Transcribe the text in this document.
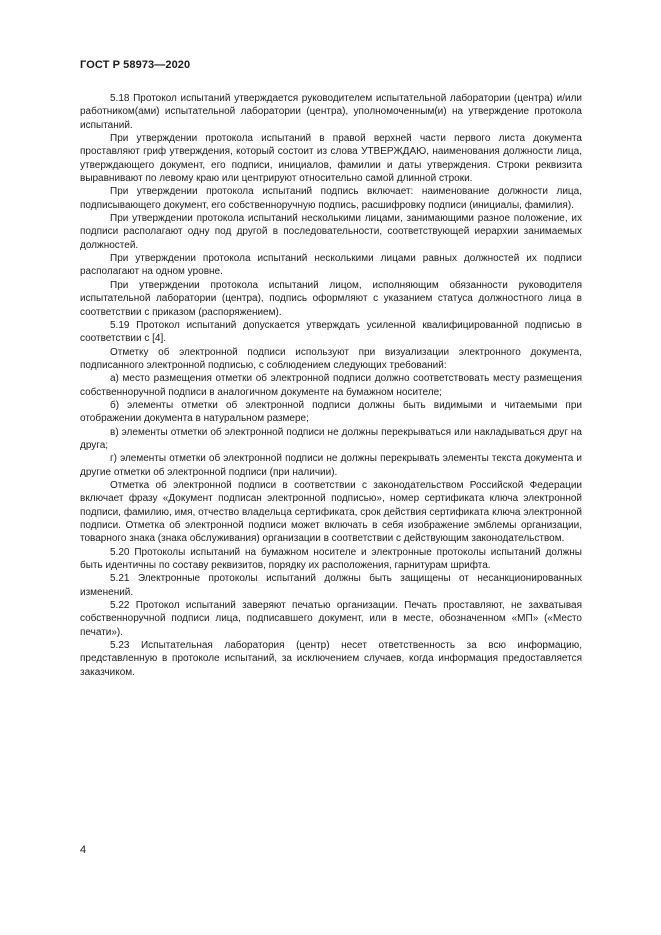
ГОСТ Р 58973—2020

5.18 Протокол испытаний утверждается руководителем испытательной лаборатории (центра) и/или работником(ами) испытательной лаборатории (центра), уполномоченным(и) на утверждение протокола испытаний.

При утверждении протокола испытаний в правой верхней части первого листа документа проставляют гриф утверждения, который состоит из слова УТВЕРЖДАЮ, наименования должности лица, утверждающего документ, его подписи, инициалов, фамилии и даты утверждения. Строки реквизита выравнивают по левому краю или центрируют относительно самой длинной строки.

При утверждении протокола испытаний подпись включает: наименование должности лица, подписывающего документ, его собственноручную подпись, расшифровку подписи (инициалы, фамилия).

При утверждении протокола испытаний несколькими лицами, занимающими разное положение, их подписи располагают одну под другой в последовательности, соответствующей иерархии занимаемых должностей.

При утверждении протокола испытаний несколькими лицами равных должностей их подписи располагают на одном уровне.

При утверждении протокола испытаний лицом, исполняющим обязанности руководителя испытательной лаборатории (центра), подпись оформляют с указанием статуса должностного лица в соответствии с приказом (распоряжением).

5.19 Протокол испытаний допускается утверждать усиленной квалифицированной подписью в соответствии с [4].

Отметку об электронной подписи используют при визуализации электронного документа, подписанного электронной подписью, с соблюдением следующих требований:

а) место размещения отметки об электронной подписи должно соответствовать месту размещения собственноручной подписи в аналогичном документе на бумажном носителе;

б) элементы отметки об электронной подписи должны быть видимыми и читаемыми при отображении документа в натуральном размере;

в) элементы отметки об электронной подписи не должны перекрываться или накладываться друг на друга;

г) элементы отметки об электронной подписи не должны перекрывать элементы текста документа и другие отметки об электронной подписи (при наличии).

Отметка об электронной подписи в соответствии с законодательством Российской Федерации включает фразу «Документ подписан электронной подписью», номер сертификата ключа электронной подписи, фамилию, имя, отчество владельца сертификата, срок действия сертификата ключа электронной подписи. Отметка об электронной подписи может включать в себя изображение эмблемы организации, товарного знака (знака обслуживания) организации в соответствии с действующим законодательством.

5.20 Протоколы испытаний на бумажном носителе и электронные протоколы испытаний должны быть идентичны по составу реквизитов, порядку их расположения, гарнитурам шрифта.

5.21 Электронные протоколы испытаний должны быть защищены от несанкционированных изменений.

5.22 Протокол испытаний заверяют печатью организации. Печать проставляют, не захватывая собственноручной подписи лица, подписавшего документ, или в месте, обозначенном «МП» («Место печати»).

5.23 Испытательная лаборатория (центр) несет ответственность за всю информацию, представленную в протоколе испытаний, за исключением случаев, когда информация предоставляется заказчиком.

4
